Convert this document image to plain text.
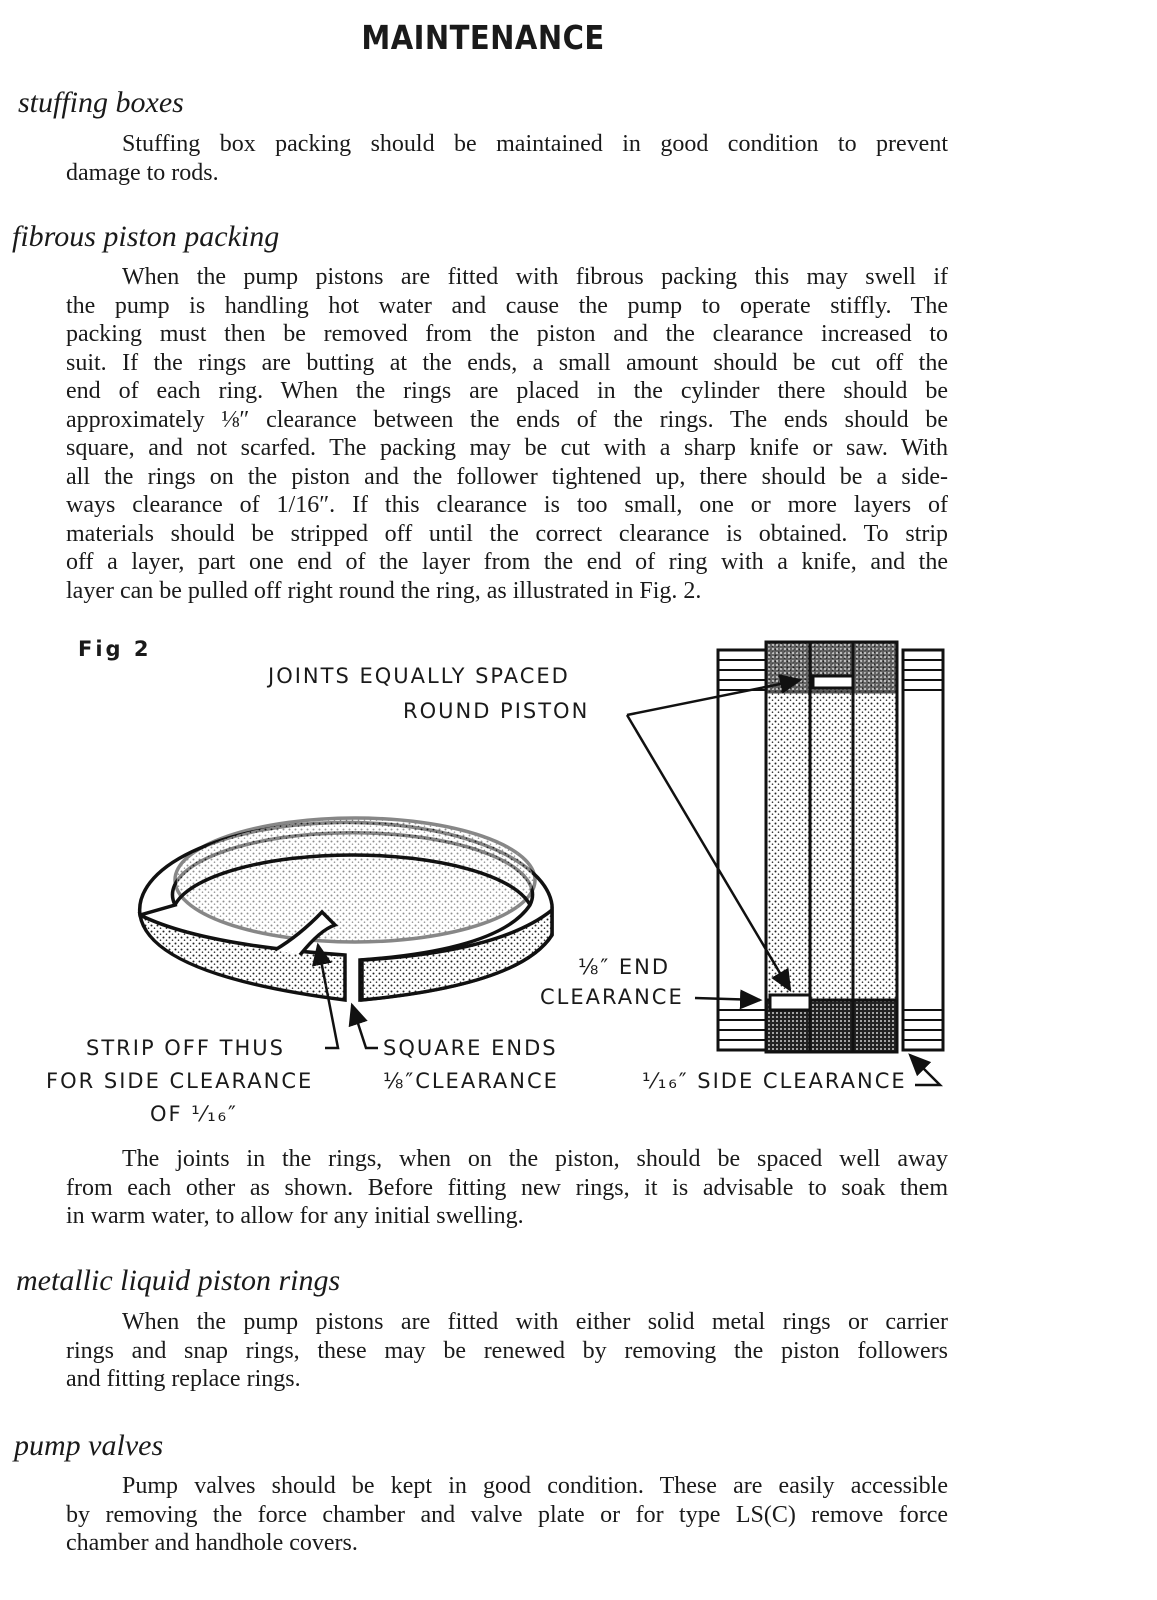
MAINTENANCE
stuffing boxes
Stuffing box packing should be maintained in good condition to prevent
damage to rods.
fibrous piston packing
When the pump pistons are fitted with fibrous packing this may swell if
the pump is handling hot water and cause the pump to operate stiffly. The
packing must then be removed from the piston and the clearance increased to
suit. If the rings are butting at the ends, a small amount should be cut off the
end of each ring. When the rings are placed in the cylinder there should be
approximately ⅛″ clearance between the ends of the rings. The ends should be
square, and not scarfed. The packing may be cut with a sharp knife or saw. With
all the rings on the piston and the follower tightened up, there should be a side-
ways clearance of 1/16″. If this clearance is too small, one or more layers of
materials should be stripped off until the correct clearance is obtained. To strip
off a layer, part one end of the layer from the end of ring with a knife, and the
layer can be pulled off right round the ring, as illustrated in Fig. 2.
Fig 2
JOINTS EQUALLY SPACED
ROUND PISTON
⅛″ END
CLEARANCE
STRIP OFF THUS
FOR SIDE CLEARANCE
OF ¹⁄₁₆″
SQUARE ENDS
⅛″CLEARANCE	¹⁄₁₆″ SIDE CLEARANCE
The joints in the rings, when on the piston, should be spaced well away
from each other as shown. Before fitting new rings, it is advisable to soak them
in warm water, to allow for any initial swelling.
metallic liquid piston rings
When the pump pistons are fitted with either solid metal rings or carrier
rings and snap rings, these may be renewed by removing the piston followers
and fitting replace rings.
pump valves
Pump valves should be kept in good condition. These are easily accessible
by removing the force chamber and valve plate or for type LS(C) remove force
chamber and handhole covers.
